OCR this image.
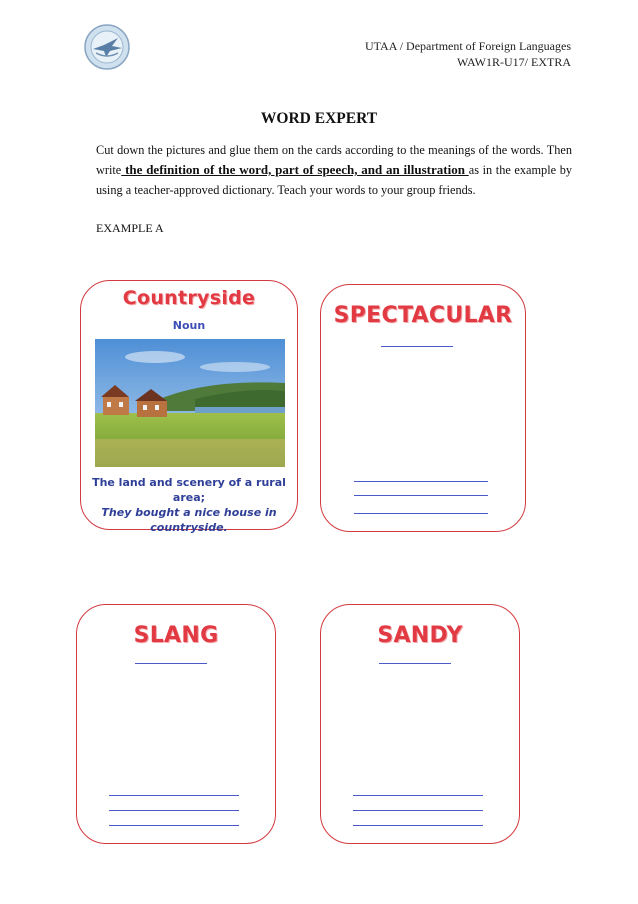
UTAA / Department of Foreign Languages
WAW1R-U17/ EXTRA
WORD EXPERT
Cut down the pictures and glue them on the cards according to the meanings of the words. Then write the definition of the word, part of speech, and an illustration as in the example by using a teacher-approved dictionary. Teach your words to your group friends.
EXAMPLE A
Countryside
Noun
The land and scenery of a rural area;
They bought a nice house in countryside.
SPECTACULAR
SLANG	SANDY
